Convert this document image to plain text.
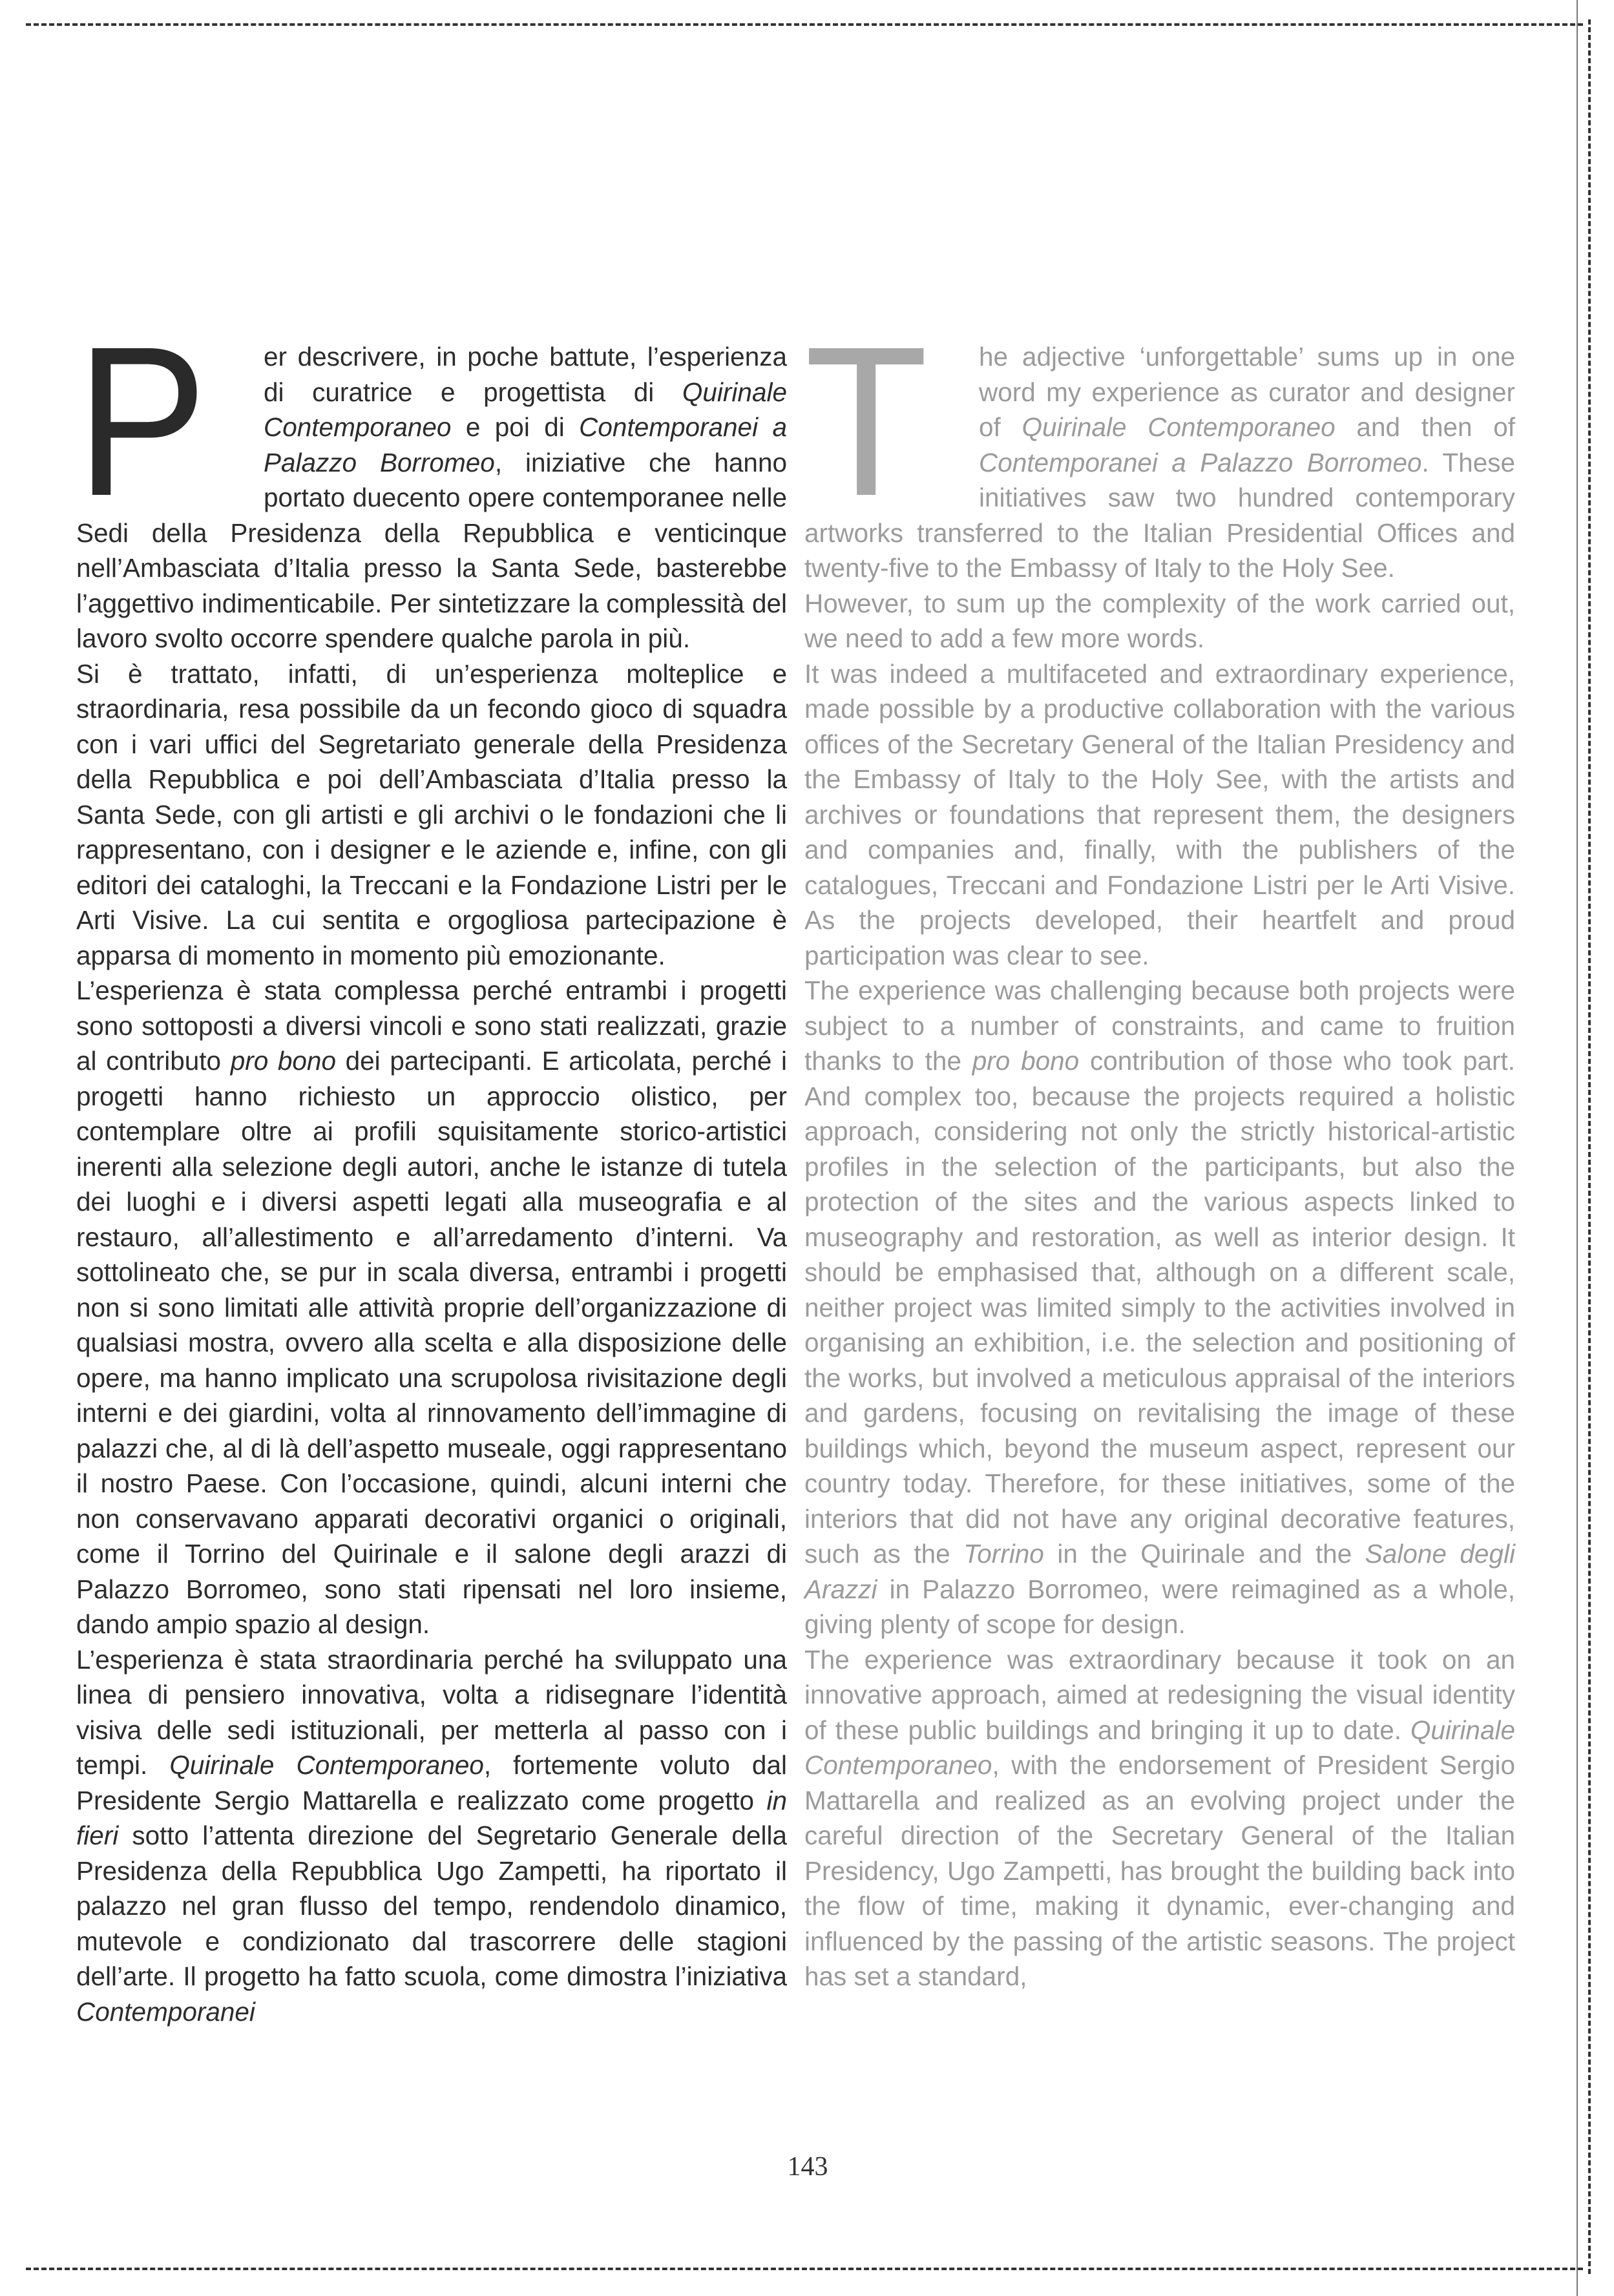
P	er descrivere, in poche battute, l’esperienza di curatrice e progettista di Quirinale Contemporaneo e poi di Contemporanei a Palazzo Borromeo, iniziative che hanno portato duecento opere contemporanee nelle Sedi della Presidenza della Repubblica e venticinque nell’Ambasciata d’Italia presso la Santa Sede, basterebbe l’aggettivo indimenticabile. Per sintetizzare la complessità del lavoro svolto occorre spendere qualche parola in più.

Si è trattato, infatti, di un’esperienza molteplice e straordinaria, resa possibile da un fecondo gioco di squadra con i vari uffici del Segretariato generale della Presidenza della Repubblica e poi dell’Ambasciata d’Italia presso la Santa Sede, con gli artisti e gli archivi o le fondazioni che li rappresentano, con i designer e le aziende e, infine, con gli editori dei cataloghi, la Treccani e la Fondazione Listri per le Arti Visive. La cui sentita e orgogliosa partecipazione è apparsa di momento in momento più emozionante.

L’esperienza è stata complessa perché entrambi i progetti sono sottoposti a diversi vincoli e sono stati realizzati, grazie al contributo pro bono dei partecipanti. E articolata, perché i progetti hanno richiesto un approccio olistico, per contemplare oltre ai profili squisitamente storico-artistici inerenti alla selezione degli autori, anche le istanze di tutela dei luoghi e i diversi aspetti legati alla museografia e al restauro, all’allestimento e all’arredamento d’interni. Va sottolineato che, se pur in scala diversa, entrambi i progetti non si sono limitati alle attività proprie dell’organizzazione di qualsiasi mostra, ovvero alla scelta e alla disposizione delle opere, ma hanno implicato una scrupolosa rivisitazione degli interni e dei giardini, volta al rinnovamento dell’immagine di palazzi che, al di là dell’aspetto museale, oggi rappresentano il nostro Paese. Con l’occasione, quindi, alcuni interni che non conservavano apparati decorativi organici o originali, come il Torrino del Quirinale e il salone degli arazzi di Palazzo Borromeo, sono stati ripensati nel loro insieme, dando ampio spazio al design.

L’esperienza è stata straordinaria perché ha sviluppato una linea di pensiero innovativa, volta a ridisegnare l’identità visiva delle sedi istituzionali, per metterla al passo con i tempi. Quirinale Contemporaneo, fortemente voluto dal Presidente Sergio Mattarella e realizzato come progetto in fieri sotto l’attenta direzione del Segretario Generale della Presidenza della Repubblica Ugo Zampetti, ha riportato il palazzo nel gran flusso del tempo, rendendolo dinamico, mutevole e condizionato dal trascorrere delle stagioni dell’arte. Il progetto ha fatto scuola, come dimostra l’iniziativa Contemporanei

T	he adjective ‘unforgettable’ sums up in one word my experience as curator and designer of Quirinale Contemporaneo and then of Contemporanei a Palazzo Borromeo. These initiatives saw two hundred contemporary artworks transferred to the Italian Presidential Offices and twenty-five to the Embassy of Italy to the Holy See.

However, to sum up the complexity of the work carried out, we need to add a few more words.

It was indeed a multifaceted and extraordinary experience, made possible by a productive collaboration with the various offices of the Secretary General of the Italian Presidency and the Embassy of Italy to the Holy See, with the artists and archives or foundations that represent them, the designers and companies and, finally, with the publishers of the catalogues, Treccani and Fondazione Listri per le Arti Visive. As the projects developed, their heartfelt and proud participation was clear to see.

The experience was challenging because both projects were subject to a number of constraints, and came to fruition thanks to the pro bono contribution of those who took part. And complex too, because the projects required a holistic approach, considering not only the strictly historical-artistic profiles in the selection of the participants, but also the protection of the sites and the various aspects linked to museography and restoration, as well as interior design. It should be emphasised that, although on a different scale, neither project was limited simply to the activities involved in organising an exhibition, i.e. the selection and positioning of the works, but involved a meticulous appraisal of the interiors and gardens, focusing on revitalising the image of these buildings which, beyond the museum aspect, represent our country today. Therefore, for these initiatives, some of the interiors that did not have any original decorative features, such as the Torrino in the Quirinale and the Salone degli Arazzi in Palazzo Borromeo, were reimagined as a whole, giving plenty of scope for design.

The experience was extraordinary because it took on an innovative approach, aimed at redesigning the visual identity of these public buildings and bringing it up to date. Quirinale Contemporaneo, with the endorsement of President Sergio Mattarella and realized as an evolving project under the careful direction of the Secretary General of the Italian Presidency, Ugo Zampetti, has brought the building back into the flow of time, making it dynamic, ever-changing and influenced by the passing of the artistic seasons. The project has set a standard,

143
